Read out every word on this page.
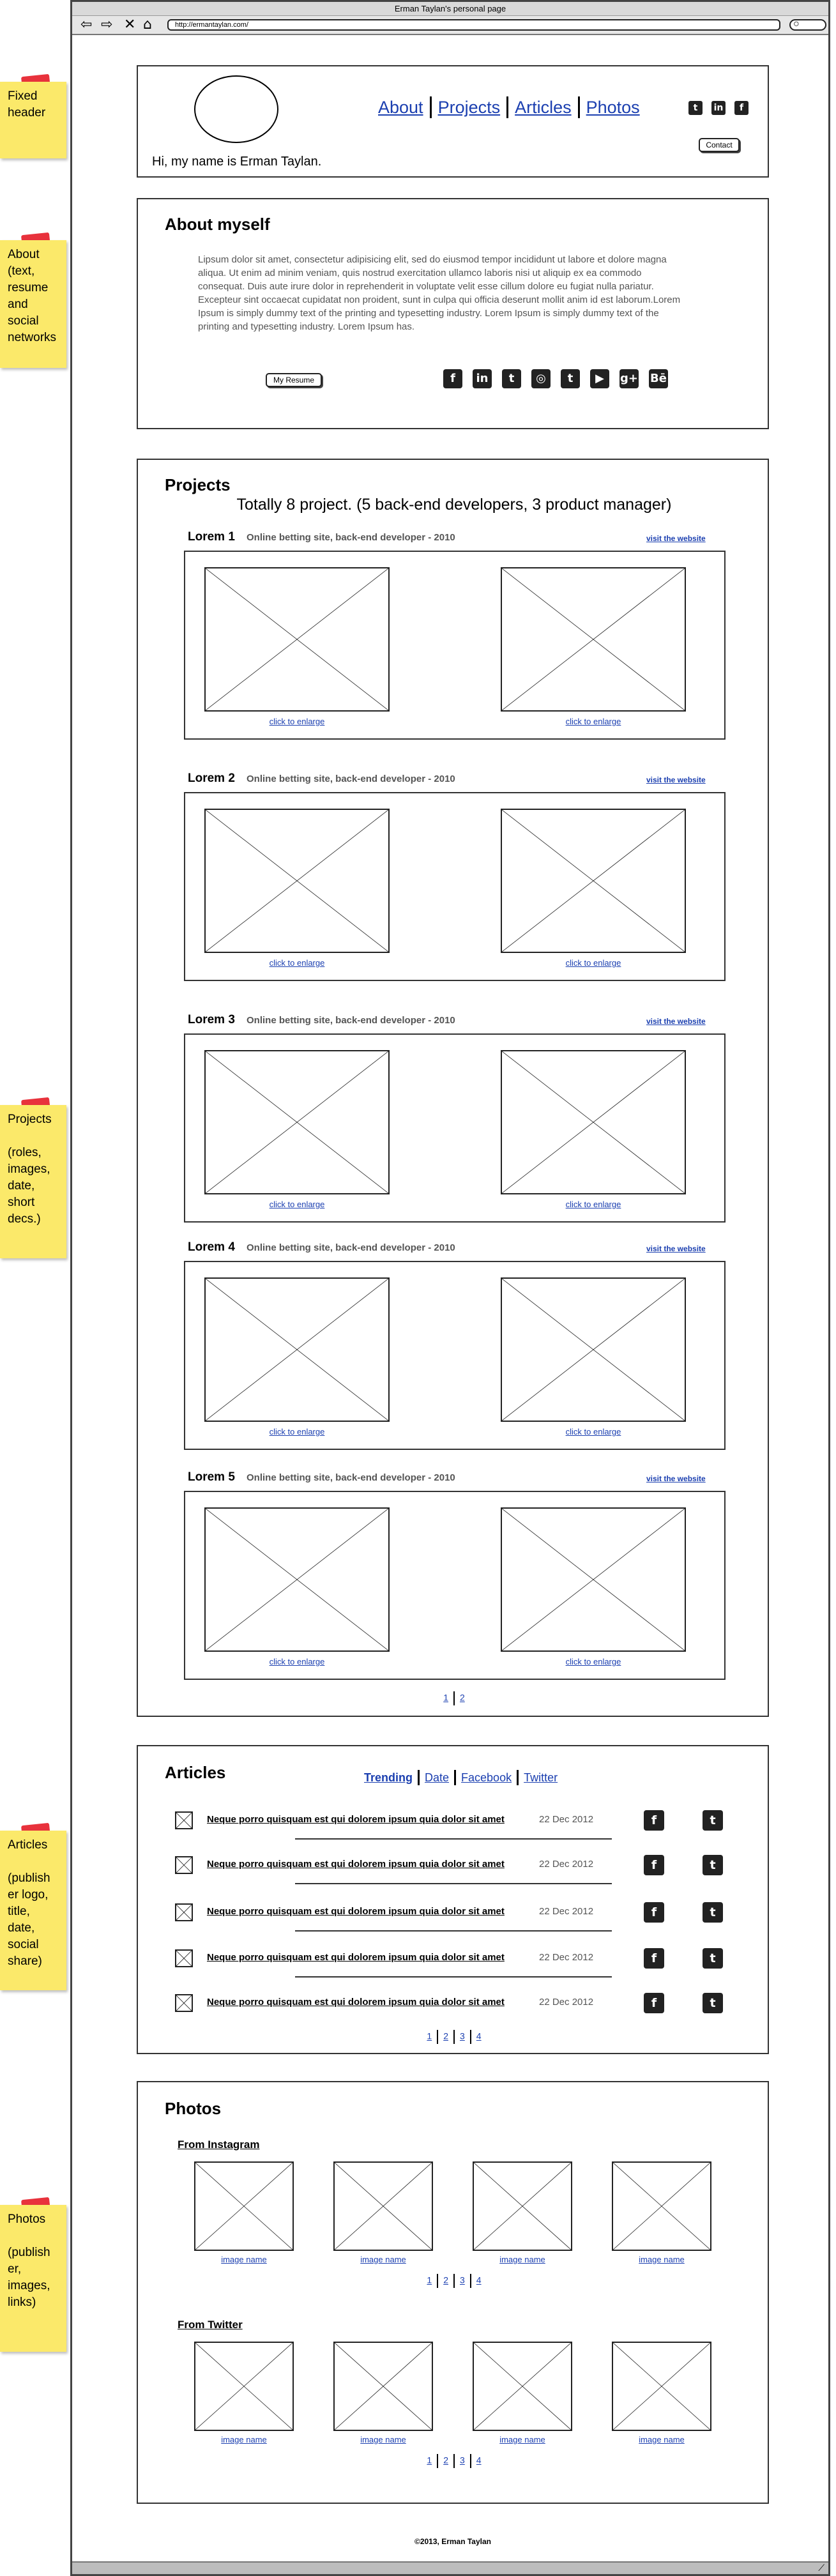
Erman Taylan's personal page
⇦ ⇨ ✕ ⌂	http://ermantaylan.com/	○
⟋
Fixed
header
About
(text,
resume
and
social
networks
Projects

(roles,
images,
date,
short
decs.)
Articles

(publish
er logo,
title,
date,
social
share)
Photos

(publish
er,
images,
links)
Hi, my name is Erman Taylan.
About Projects Articles Photos	t	in	f
Contact
About myself
Lipsum dolor sit amet, consectetur adipisicing elit, sed do eiusmod tempor incididunt ut labore et dolore magna aliqua. Ut enim ad minim veniam, quis nostrud exercitation ullamco laboris nisi ut aliquip ex ea commodo consequat. Duis aute irure dolor in reprehenderit in voluptate velit esse cillum dolore eu fugiat nulla pariatur. Excepteur sint occaecat cupidatat non proident, sunt in culpa qui officia deserunt mollit anim id est laborum.Lorem Ipsum is simply dummy text of the printing and typesetting industry. Lorem Ipsum is simply dummy text of the printing and typesetting industry. Lorem Ipsum has.
My Resume	f	in	t	◎	t	▶	g+ Bē
Projects
Totally 8 project. (5 back-end developers, 3 product manager)
Lorem 1 Online betting site, back-end developer - 2010	visit the website
click to enlarge	click to enlarge
Lorem 2 Online betting site, back-end developer - 2010	visit the website
click to enlarge	click to enlarge
Lorem 3 Online betting site, back-end developer - 2010	visit the website
click to enlarge	click to enlarge
Lorem 4 Online betting site, back-end developer - 2010	visit the website
click to enlarge	click to enlarge
Lorem 5 Online betting site, back-end developer - 2010	visit the website
click to enlarge	click to enlarge
1 2
Articles	Trending Date Facebook Twitter
Neque porro quisquam est qui dolorem ipsum quia dolor sit amet	22 Dec 2012	f	t
Neque porro quisquam est qui dolorem ipsum quia dolor sit amet	22 Dec 2012	f	t
Neque porro quisquam est qui dolorem ipsum quia dolor sit amet	22 Dec 2012	f	t
Neque porro quisquam est qui dolorem ipsum quia dolor sit amet	22 Dec 2012	f	t
Neque porro quisquam est qui dolorem ipsum quia dolor sit amet	22 Dec 2012	f	t
1 2 3 4
Photos
From Instagram
image name	image name	image name	image name
1 2 3 4
From Twitter
image name	image name	image name	image name
1 2 3 4
©2013, Erman Taylan
